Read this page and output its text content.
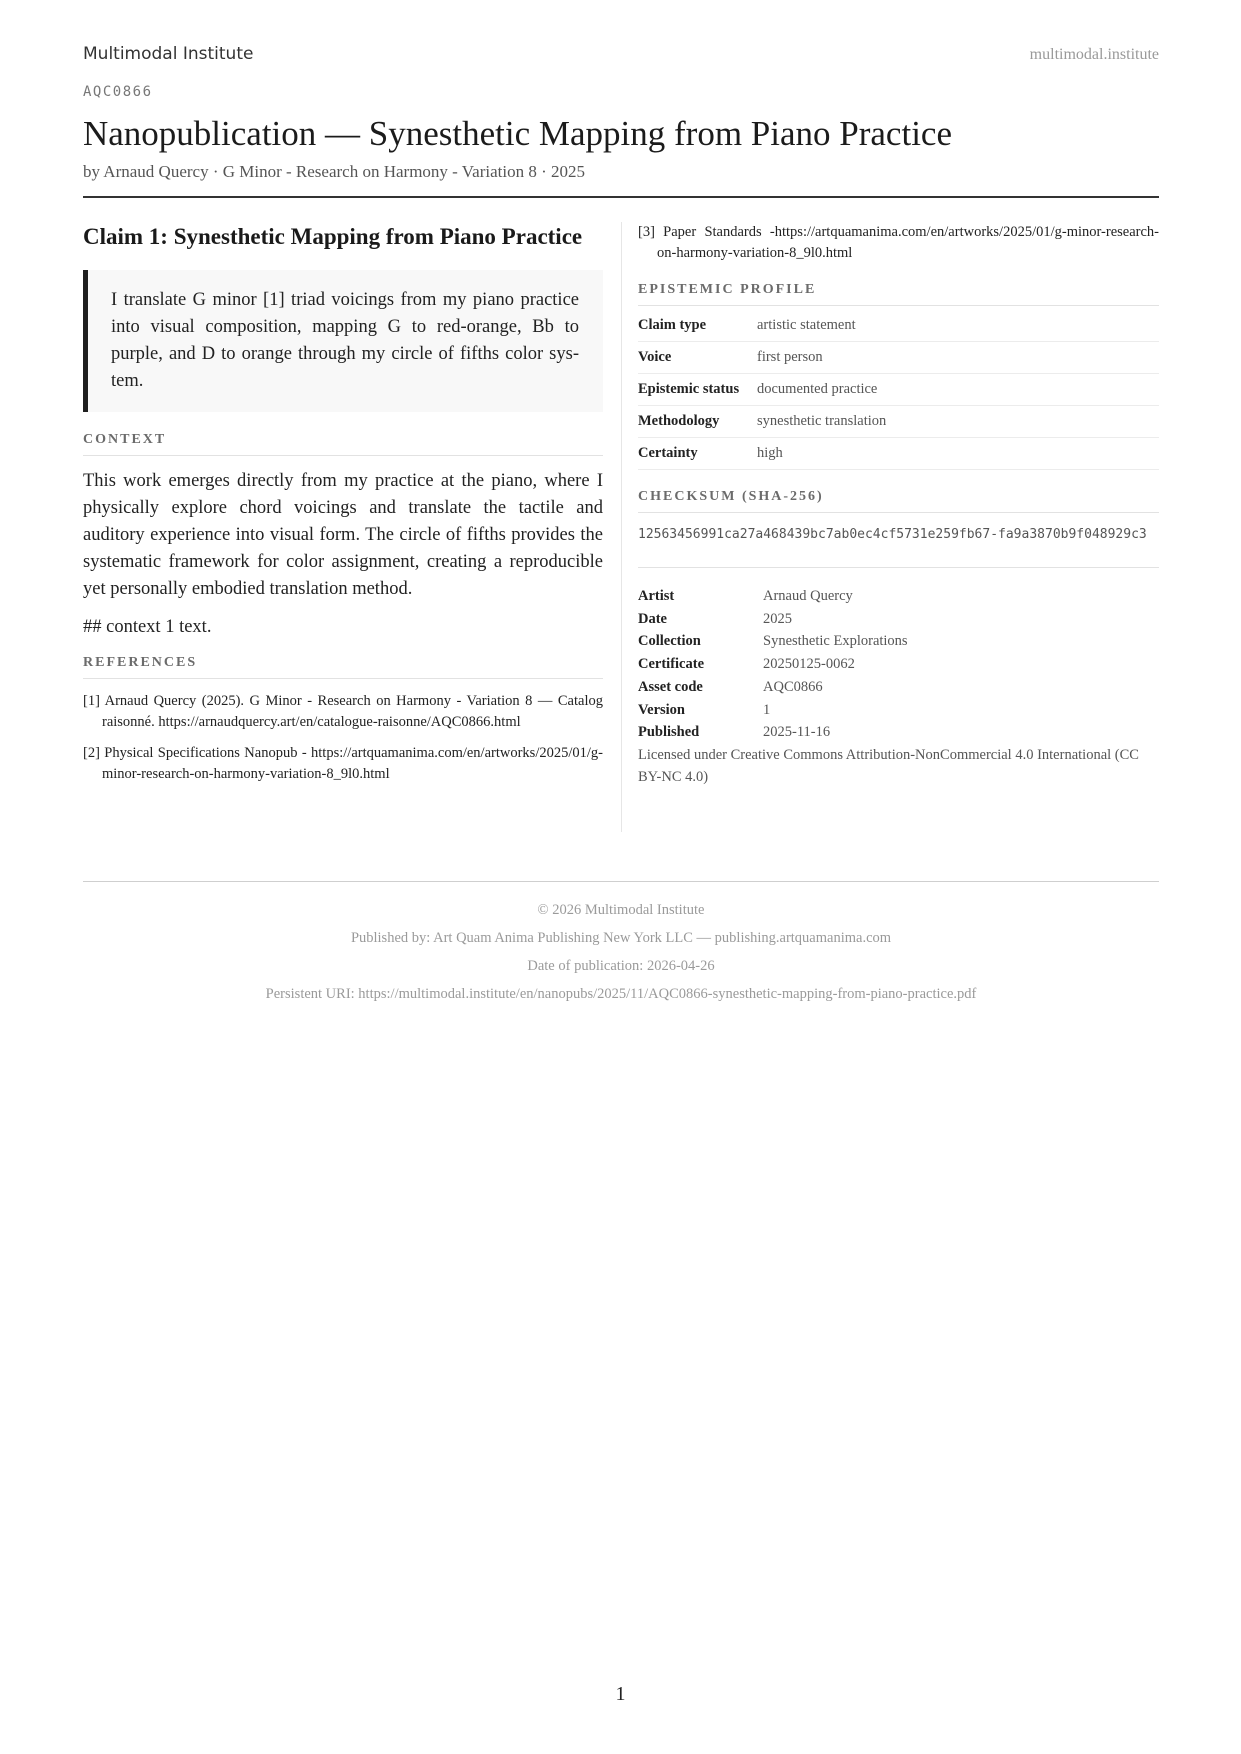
Multimodal Institute	multimodal.institute
AQC0866
Nanopublication — Synesthetic Mapping from Piano Practice
by Arnaud Quercy · G Minor - Research on Harmony - Variation 8 · 2025
Claim 1: Synesthetic Mapping from Piano Practice
I translate G minor [1] triad voicings from my piano practice into visual composition, mapping G to red-orange, Bb to purple, and D to orange through my circle of fifths color sys-tem.
CONTEXT
This work emerges directly from my practice at the piano, where I physically explore chord voicings and translate the tactile and auditory experience into visual form. The circle of fifths provides the systematic framework for color assignment, creating a reproducible yet personally embodied translation method.
## context 1 text.
REFERENCES
[1] Arnaud Quercy (2025). G Minor - Research on Harmony - Variation 8 — Catalog raisonné. https://arnaudquercy.art/en/catalogue-raisonne/AQC0866.html
[2] Physical Specifications Nanopub - https://artquamanima.com/en/artworks/2025/01/g-minor-research-on-harmony-variation-8_9l0.html
[3] Paper Standards -https://artquamanima.com/en/artworks/2025/01/g-minor-research-on-harmony-variation-8_9l0.html
EPISTEMIC PROFILE
Claim type	artistic statement
Voice	first person
Epistemic status	documented practice
Methodology	synesthetic translation
Certainty	high
CHECKSUM (SHA-256)
12563456991ca27a468439bc7ab0ec4cf5731e259fb67-fa9a3870b9f048929c3
Artist	Arnaud Quercy
Date	2025
Collection	Synesthetic Explorations
Certificate	20250125-0062
Asset code	AQC0866
Version	1
Published	2025-11-16
Licensed under Creative Commons Attribution-NonCommercial 4.0 International (CC BY-NC 4.0)
© 2026 Multimodal Institute
Published by: Art Quam Anima Publishing New York LLC — publishing.artquamanima.com
Date of publication: 2026-04-26
Persistent URI: https://multimodal.institute/en/nanopubs/2025/11/AQC0866-synesthetic-mapping-from-piano-practice.pdf
1
